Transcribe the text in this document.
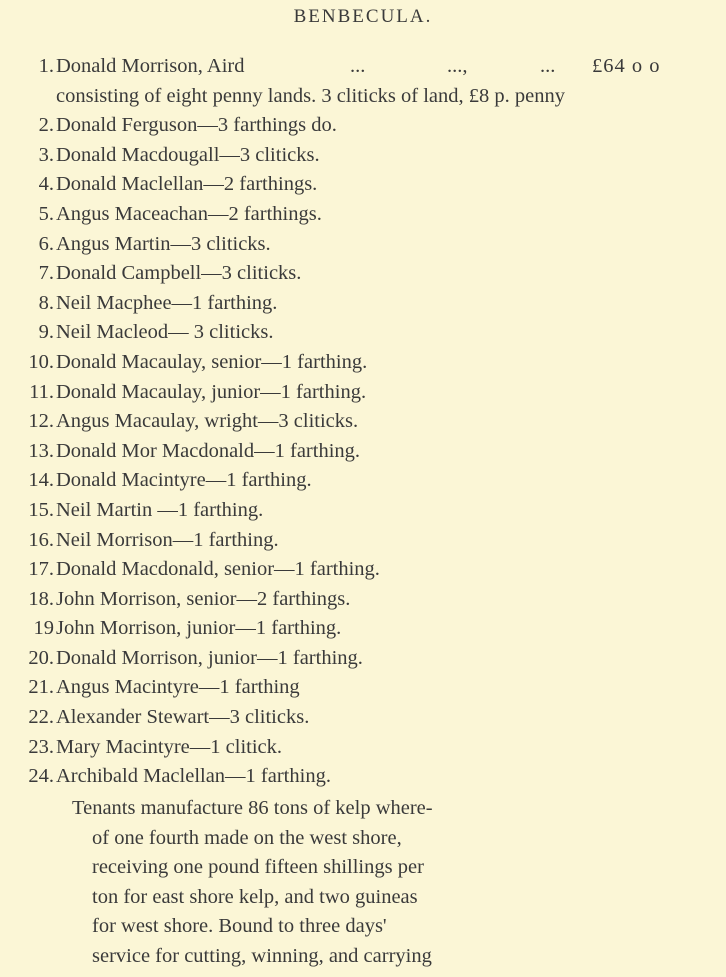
BENBECULA.
1. Donald Morrison, Aird	...	...,	... £64 o o
consisting of eight penny lands. 3 cliticks of land, £8 p. penny
2. Donald Ferguson—3 farthings do.
3. Donald Macdougall—3 cliticks.
4. Donald Maclellan—2 farthings.
5. Angus Maceachan—2 farthings.
6. Angus Martin—3 cliticks.
7. Donald Campbell—3 cliticks.
8. Neil Macphee—1 farthing.
9. Neil Macleod— 3 cliticks.
10. Donald Macaulay, senior—1 farthing.
11. Donald Macaulay, junior—1 farthing.
12. Angus Macaulay, wright—3 cliticks.
13. Donald Mor Macdonald—1 farthing.
14. Donald Macintyre—1 farthing.
15. Neil Martin —1 farthing.
16. Neil Morrison—1 farthing.
17. Donald Macdonald, senior—1 farthing.
18. John Morrison, senior—2 farthings.
19 John Morrison, junior—1 farthing.
20. Donald Morrison, junior—1 farthing.
21. Angus Macintyre—1 farthing
22. Alexander Stewart—3 cliticks.
23. Mary Macintyre—1 clitick.
24. Archibald Maclellan—1 farthing.
Tenants manufacture 86 tons of kelp where-
of one fourth made on the west shore,
receiving one pound fifteen shillings per
ton for east shore kelp, and two guineas
for west shore. Bound to three days'
service for cutting, winning, and carrying
